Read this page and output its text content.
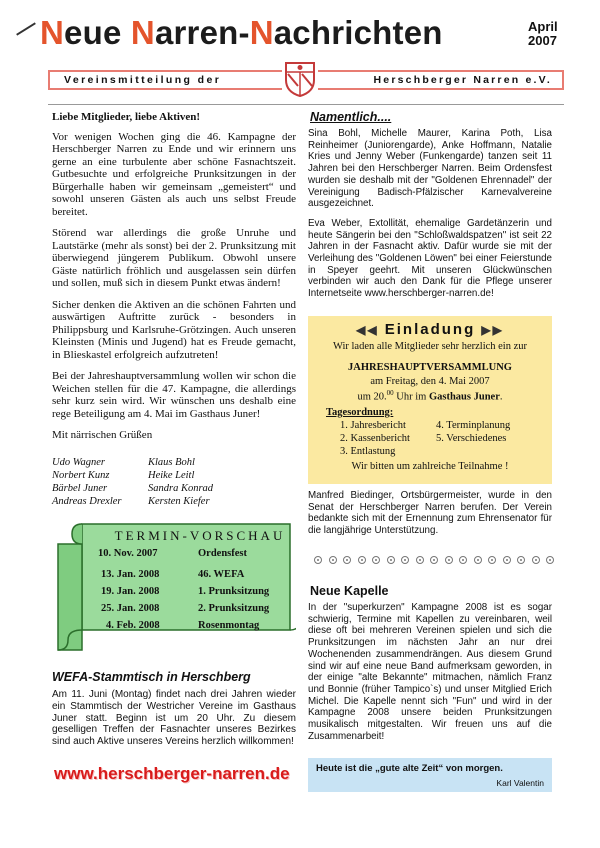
Neue Narren-Nachrichten	April
2007
Vereinsmitteilung der	Herschberger Narren e.V.

Liebe Mitglieder, liebe Aktiven!

Vor wenigen Wochen ging die 46. Kampagne der Herschberger Narren zu Ende und wir erinnern uns gerne an eine turbulente aber schöne Fasnachtszeit. Gutbesuchte und erfolgreiche Prunksitzungen in der Bürgerhalle haben wir gemeinsam „gemeistert“ und sowohl unseren Gästen als auch uns selbst Freude bereitet.

Störend war allerdings die große Unruhe und Lautstärke (mehr als sonst) bei der 2. Prunksitzung mit überwiegend jüngerem Publikum. Obwohl unsere Gäste natürlich fröhlich und ausgelassen sein dürfen und sollen, muß sich in diesem Punkt etwas ändern!

Sicher denken die Aktiven an die schönen Fahrten und auswärtigen Auftritte zurück - besonders in Philippsburg und Karlsruhe-Grötzingen. Auch unseren Kleinsten (Minis und Jugend) hat es Freude gemacht, in Blieskastel erfolgreich aufzutreten!

Bei der Jahreshauptversammlung wollen wir schon die Weichen stellen für die 47. Kampagne, die allerdings sehr kurz sein wird. Wir wünschen uns deshalb eine rege Beteiligung am 4. Mai im Gasthaus Juner!

Mit närrischen Grüßen

Udo Wagner
Norbert Kunz
Bärbel Juner
Andreas Drexler
Klaus Bohl
Heike Leitl
Sandra Konrad
Kersten Kiefer
TERMIN-VORSCHAU
10. Nov. 2007	Ordensfest
13. Jan. 2008	46. WEFA
19. Jan. 2008	1. Prunksitzung
25. Jan. 2008	2. Prunksitzung
4. Feb. 2008	Rosenmontag
WEFA-Stammtisch in Herschberg
Am 11. Juni (Montag) findet nach drei Jahren wieder ein Stammtisch der Westricher Vereine im Gasthaus Juner statt. Beginn ist um 20 Uhr. Zu diesem geselligen Treffen der Fasnachter unseres Bezirkes sind auch Aktive unseres Vereins herzlich willkommen!
www.herschberger-narren.de
Namentlich....

Sina Bohl, Michelle Maurer, Karina Poth, Lisa Reinheimer (Juniorengarde), Anke Hoffmann, Natalie Kries und Jenny Weber (Funkengarde) tanzen seit 11 Jahren bei den Herschberger Narren. Beim Ordensfest wurden sie deshalb mit der "Goldenen Ehrennadel" der Vereinigung Badisch-Pfälzischer Karnevalvereine ausgezeichnet.

Eva Weber, Extollität, ehemalige Gardetänzerin und heute Sängerin bei den "Schloßwaldspatzen" ist seit 22 Jahren in der Fasnacht aktiv. Dafür wurde sie mit der Verleihung des "Goldenen Löwen" bei einer Feierstunde in Speyer geehrt. Mit unseren Glückwünschen verbinden wir auch den Dank für die Pflege unserer Internetseite www.herschberger-narren.de!

◀◀ Einladung ▶▶
Wir laden alle Mitglieder sehr herzlich ein zur
JAHRESHAUPTVERSAMMLUNG
am Freitag, den 4. Mai 2007
um 20.00 Uhr im Gasthaus Juner.
Tagesordnung:
1. Jahresbericht
2. Kassenbericht
3. Entlastung
4. Terminplanung
5. Verschiedenes
Wir bitten um zahlreiche Teilnahme !

Manfred Biedinger, Ortsbürgermeister, wurde in den Senat der Herschberger Narren berufen. Der Verein bedankte sich mit der Ernennung zum Ehrensenator für die langjährige Unterstützung.

Neue Kapelle

In der "superkurzen" Kampagne 2008 ist es sogar schwierig, Termine mit Kapellen zu vereinbaren, weil diese oft bei mehreren Vereinen spielen und sich die Prunksitzungen im nächsten Jahr an nur drei Wochenenden zusammendrängen. Aus diesem Grund sind wir auf eine neue Band aufmerksam geworden, in der einige "alte Bekannte" mitmachen, nämlich Franz und Bonnie (früher Tampico`s) und unser Mitglied Erich Michel. Die Kapelle nennt sich "Fun" und wird in der Kampagne 2008 unsere beiden Prunksitzungen musikalisch mitgestalten. Wir freuen uns auf die Zusammenarbeit!

Heute ist die „gute alte Zeit“ von morgen.
Karl Valentin
